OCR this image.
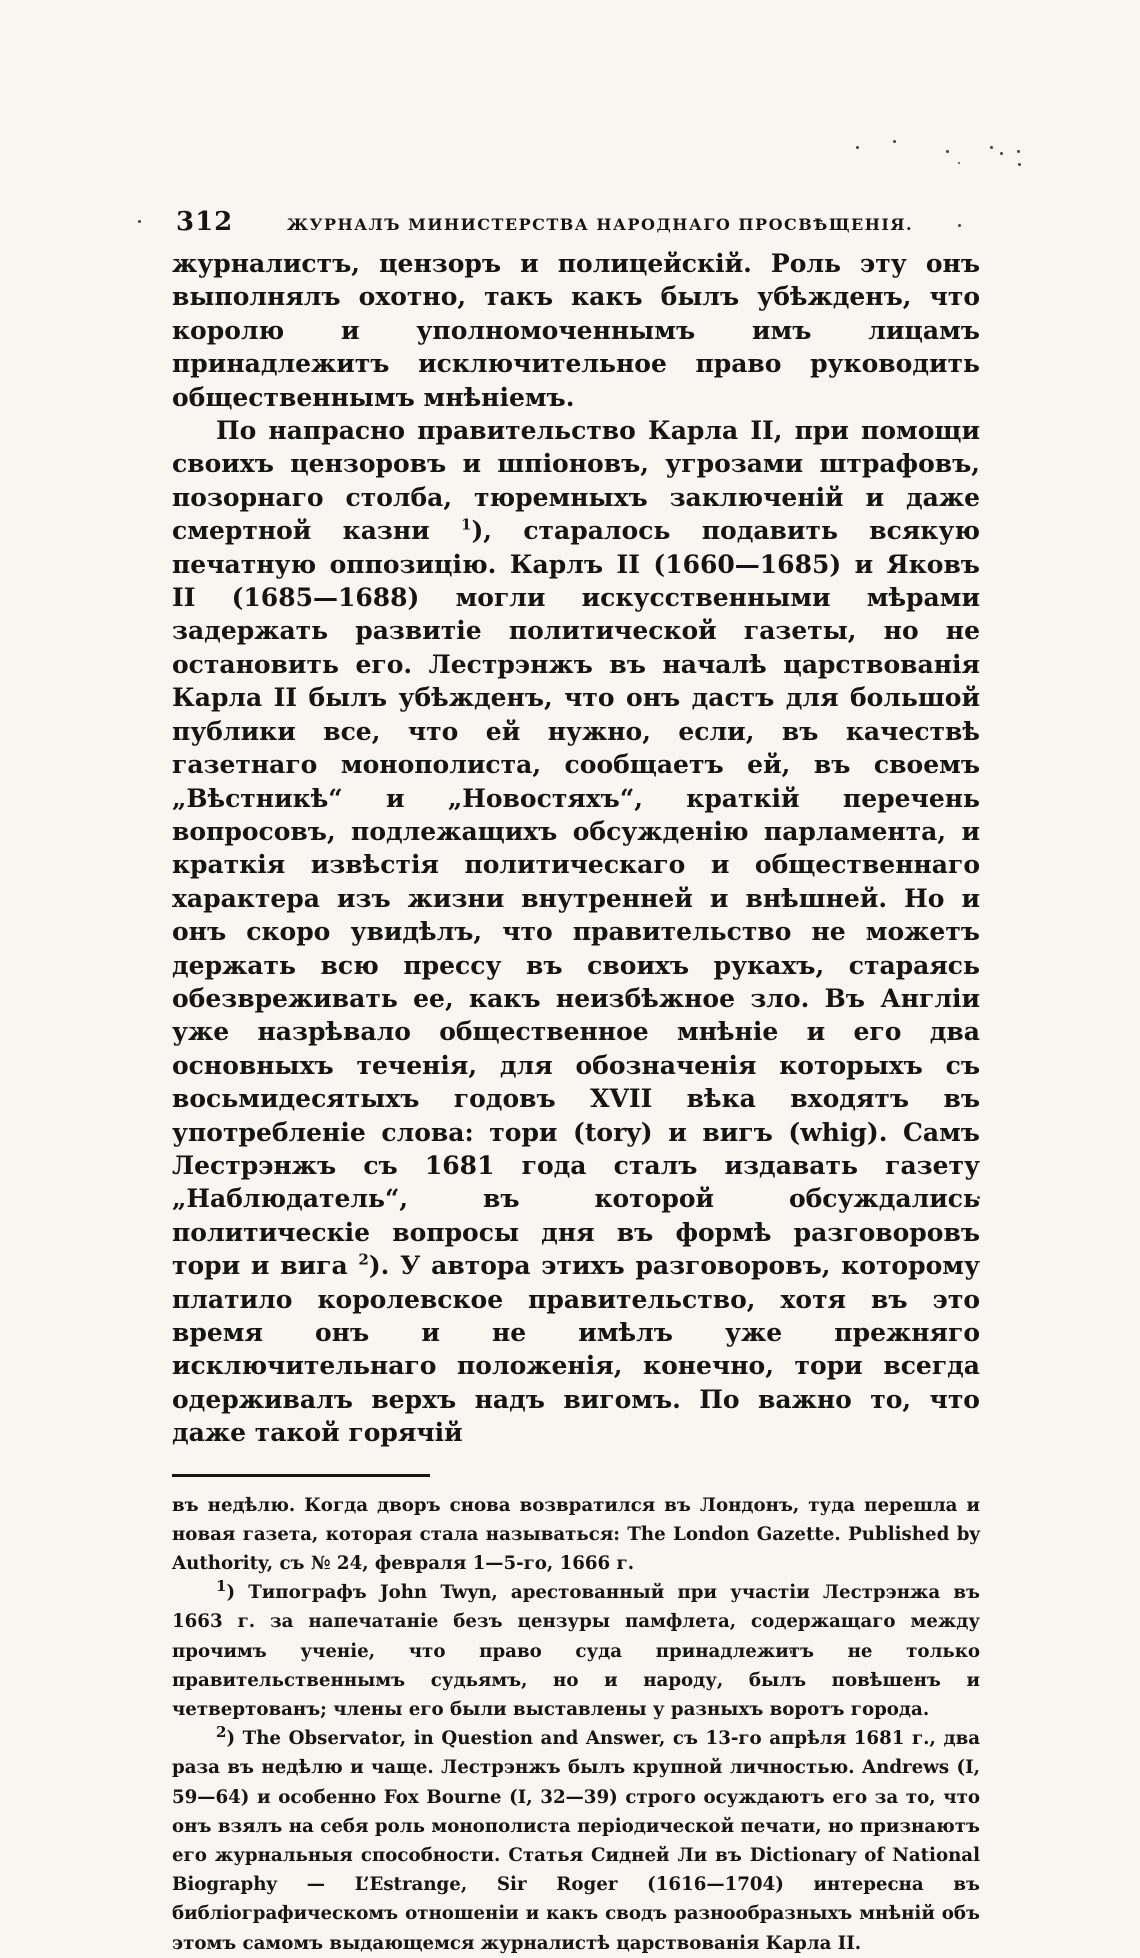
312	ЖУРНАЛЪ МИНИСТЕРСТВА НАРОДНАГО ПРОСВѢЩЕНІЯ.

журналистъ, цензоръ и полицейскій. Роль эту онъ выполнялъ охотно, такъ какъ былъ убѣжденъ, что королю и уполномоченнымъ имъ лицамъ принадлежитъ исключительное право руководить общественнымъ мнѣніемъ.

По напрасно правительство Карла II, при помощи своихъ цензоровъ и шпіоновъ, угрозами штрафовъ, позорнаго столба, тюремныхъ заключеній и даже смертной казни $^1$), старалось подавить всякую печатную оппозицію. Карлъ II (1660—1685) и Яковъ II (1685—1688) могли искусственными мѣрами задержать развитіе политической газеты, но не остановить его. Лестрэнжъ въ началѣ царствованія Карла II былъ убѣжденъ, что онъ дастъ для большой публики все, что ей нужно, если, въ качествѣ газетнаго монополиста, сообщаетъ ей, въ своемъ „Вѣстникѣ“ и „Новостяхъ“, краткій перечень вопросовъ, подлежащихъ обсужденію парламента, и краткія извѣстія политическаго и общественнаго характера изъ жизни внутренней и внѣшней. Но и онъ скоро увидѣлъ, что правительство не можетъ держать всю прессу въ своихъ рукахъ, стараясь обезвреживать ее, какъ неизбѣжное зло. Въ Англіи уже назрѣвало общественное мнѣніе и его два основныхъ теченія, для обозначенія которыхъ съ восьмидесятыхъ годовъ XVII вѣка входятъ въ употребленіе слова: тори (tory) и вигъ (whig). Самъ Лестрэнжъ съ 1681 года сталъ издавать газету „Наблюдатель“, въ которой обсуждались политическіе вопросы дня въ формѣ разговоровъ тори и вига $^2$). У автора этихъ разговоровъ, которому платило королевское правительство, хотя въ это время онъ и не имѣлъ уже прежняго исключительнаго положенія, конечно, тори всегда одерживалъ верхъ надъ вигомъ. По важно то, что даже такой горячій

въ недѣлю. Когда дворъ снова возвратился въ Лондонъ, туда перешла и новая газета, которая стала называться: The London Gazette. Published by Authority, съ № 24, февраля 1—5-го, 1666 г.

$^1$) Типографъ John Twyn, арестованный при участіи Лестрэнжа въ 1663 г. за напечатаніе безъ цензуры памфлета, содержащаго между прочимъ ученіе, что право суда принадлежитъ не только правительственнымъ судьямъ, но и народу, былъ повѣшенъ и четвертованъ; члены его были выставлены у разныхъ воротъ города.

$^2$) The Observator, in Question and Answer, съ 13-го апрѣля 1681 г., два раза въ недѣлю и чаще. Лестрэнжъ былъ крупной личностью. Andrews (I, 59—64) и особенно Fox Bourne (I, 32—39) строго осуждаютъ его за то, что онъ взялъ на себя роль монополиста періодической печати, но признаютъ его журнальныя способности. Статья Сидней Ли въ Dictionary of National Biography — L’Estrange, Sir Roger (1616—1704) интересна въ библіографическомъ отношеніи и какъ сводъ разнообразныхъ мнѣній объ этомъ самомъ выдающемся журналистѣ царствованія Карла II.
